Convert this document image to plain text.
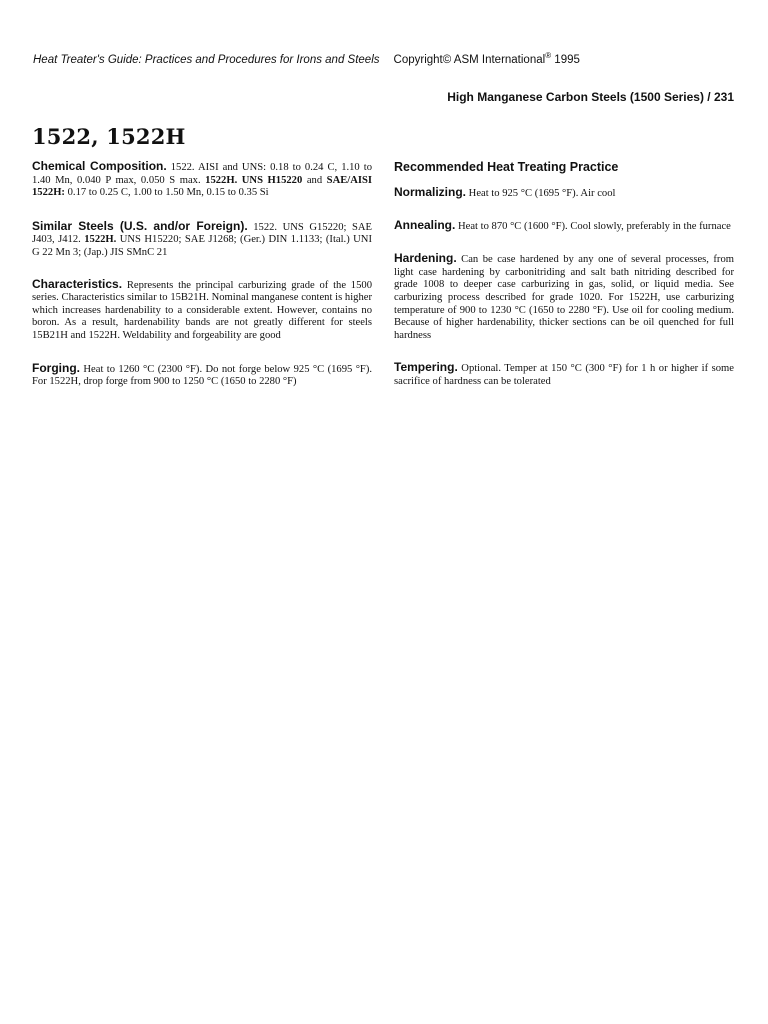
Heat Treater's Guide: Practices and Procedures for Irons and Steels Copyright© ASM International® 1995
High Manganese Carbon Steels (1500 Series) / 231
1522, 1522H

Chemical Composition. 1522. AISI and UNS: 0.18 to 0.24 C, 1.10 to 1.40 Mn, 0.040 P max, 0.050 S max. 1522H. UNS H15220 and SAE/AISI 1522H: 0.17 to 0.25 C, 1.00 to 1.50 Mn, 0.15 to 0.35 Si

Similar Steels (U.S. and/or Foreign). 1522. UNS G15220; SAE J403, J412. 1522H. UNS H15220; SAE J1268; (Ger.) DIN 1.1133; (Ital.) UNI G 22 Mn 3; (Jap.) JIS SMnC 21

Characteristics. Represents the principal carburizing grade of the 1500 series. Characteristics similar to 15B21H. Nominal manganese content is higher which increases hardenability to a considerable extent. However, contains no boron. As a result, hardenability bands are not greatly different for steels 15B21H and 1522H. Weldability and forgeability are good

Forging. Heat to 1260 °C (2300 °F). Do not forge below 925 °C (1695 °F). For 1522H, drop forge from 900 to 1250 °C (1650 to 2280 °F)

Recommended Heat Treating Practice

Normalizing. Heat to 925 °C (1695 °F). Air cool

Annealing. Heat to 870 °C (1600 °F). Cool slowly, preferably in the furnace

Hardening. Can be case hardened by any one of several processes, from light case hardening by carbonitriding and salt bath nitriding described for grade 1008 to deeper case carburizing in gas, solid, or liquid media. See carburizing process described for grade 1020. For 1522H, use carburizing temperature of 900 to 1230 °C (1650 to 2280 °F). Use oil for cooling medium. Because of higher hardenability, thicker sections can be oil quenched for full hardness

Tempering. Optional. Temper at 150 °C (300 °F) for 1 h or higher if some sacrifice of hardness can be tolerated
